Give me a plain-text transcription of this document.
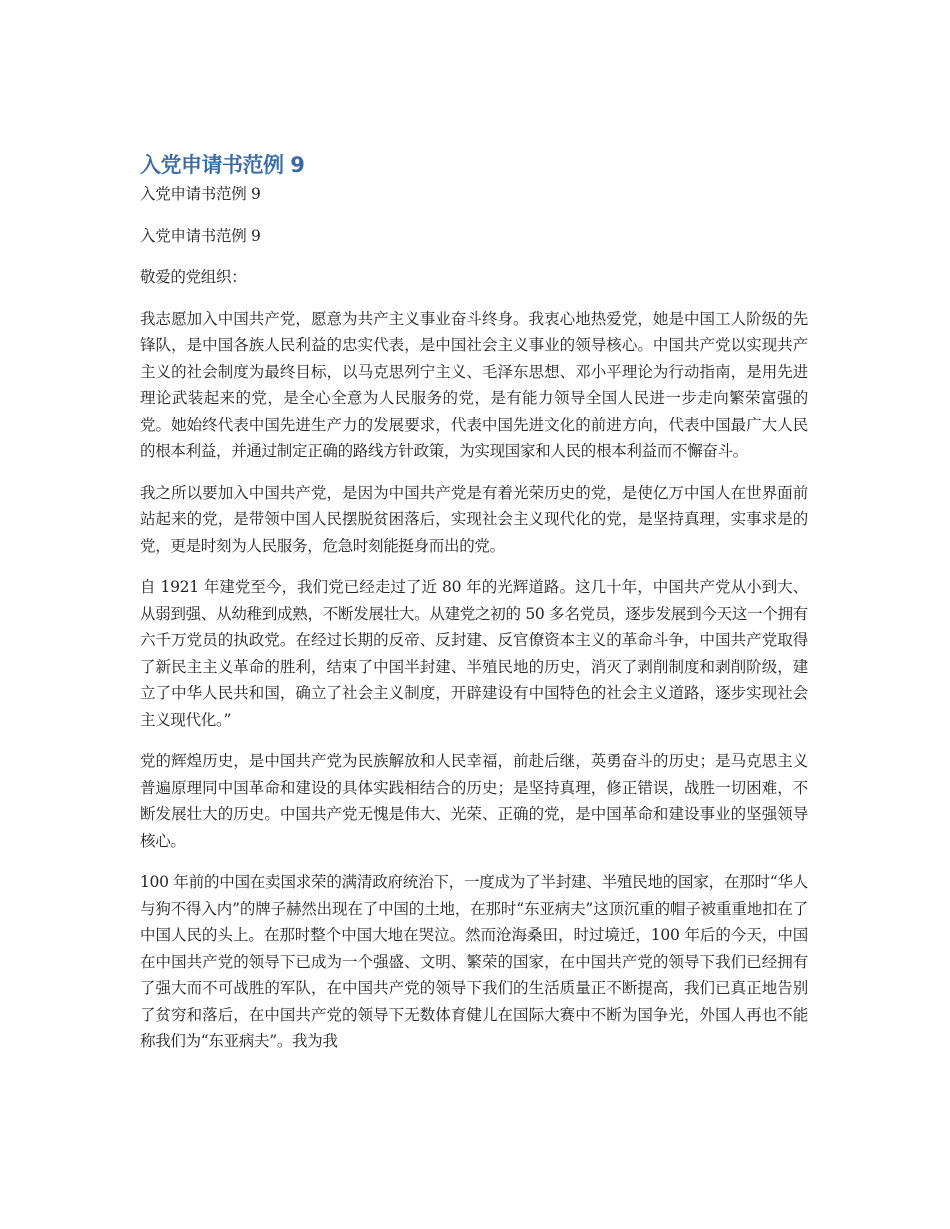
入党申请书范例 9

入党申请书范例 9

入党申请书范例 9

敬爱的党组织：

我志愿加入中国共产党，愿意为共产主义事业奋斗终身。我衷心地热爱党，她是中国工人阶级的先锋队，是中国各族人民利益的忠实代表，是中国社会主义事业的领导核心。中国共产党以实现共产主义的社会制度为最终目标，以马克思列宁主义、毛泽东思想、邓小平理论为行动指南，是用先进理论武装起来的党，是全心全意为人民服务的党，是有能力领导全国人民进一步走向繁荣富强的党。她始终代表中国先进生产力的发展要求，代表中国先进文化的前进方向，代表中国最广大人民的根本利益，并通过制定正确的路线方针政策，为实现国家和人民的根本利益而不懈奋斗。

我之所以要加入中国共产党，是因为中国共产党是有着光荣历史的党，是使亿万中国人在世界面前站起来的党，是带领中国人民摆脱贫困落后，实现社会主义现代化的党，是坚持真理，实事求是的党，更是时刻为人民服务，危急时刻能挺身而出的党。

自 1921 年建党至今，我们党已经走过了近 80 年的光辉道路。这几十年，中国共产党从小到大、从弱到强、从幼稚到成熟，不断发展壮大。从建党之初的 50 多名党员，逐步发展到今天这一个拥有六千万党员的执政党。在经过长期的反帝、反封建、反官僚资本主义的革命斗争，中国共产党取得了新民主主义革命的胜利，结束了中国半封建、半殖民地的历史，消灭了剥削制度和剥削阶级，建立了中华人民共和国，确立了社会主义制度，开辟建设有中国特色的社会主义道路，逐步实现社会主义现代化。”

党的辉煌历史，是中国共产党为民族解放和人民幸福，前赴后继，英勇奋斗的历史；是马克思主义普遍原理同中国革命和建设的具体实践相结合的历史；是坚持真理，修正错误，战胜一切困难，不断发展壮大的历史。中国共产党无愧是伟大、光荣、正确的党，是中国革命和建设事业的坚强领导核心。

100 年前的中国在卖国求荣的满清政府统治下，一度成为了半封建、半殖民地的国家，在那时“华人与狗不得入内”的牌子赫然出现在了中国的土地，在那时“东亚病夫”这顶沉重的帽子被重重地扣在了中国人民的头上。在那时整个中国大地在哭泣。然而沧海桑田，时过境迁，100 年后的今天，中国在中国共产党的领导下已成为一个强盛、文明、繁荣的国家，在中国共产党的领导下我们已经拥有了强大而不可战胜的军队，在中国共产党的领导下我们的生活质量正不断提高，我们已真正地告别了贫穷和落后，在中国共产党的领导下无数体育健儿在国际大赛中不断为国争光，外国人再也不能称我们为“东亚病夫”。我为我
